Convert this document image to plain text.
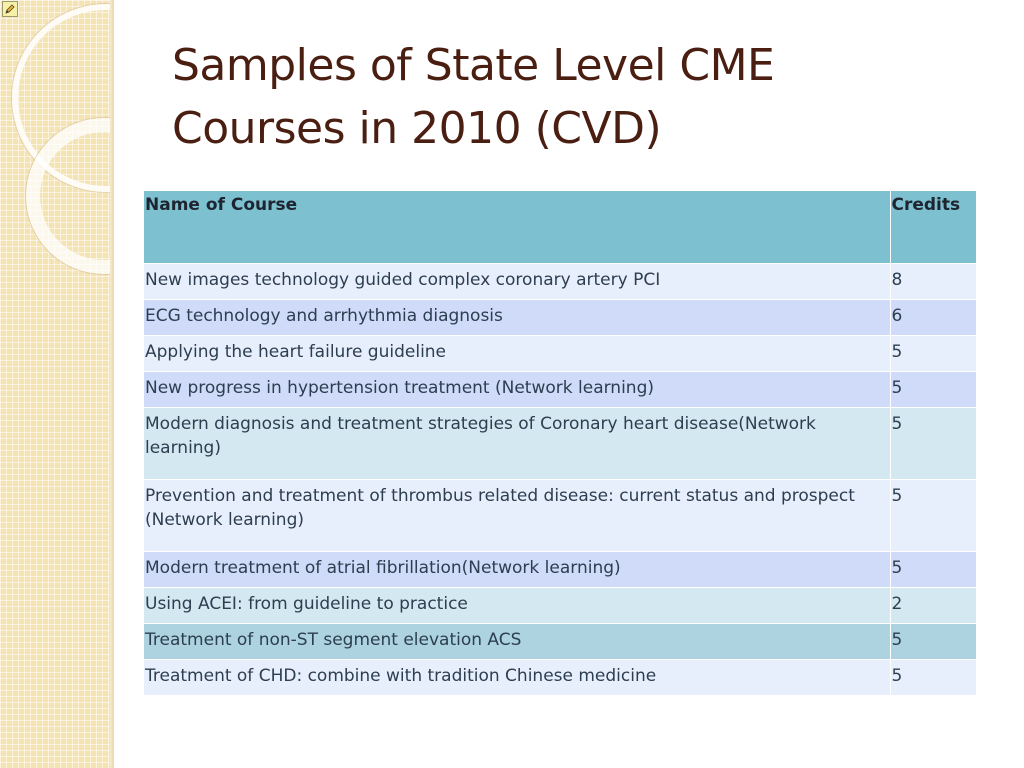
Samples of State Level CME
Courses in 2010 (CVD)
Name of Course	Credits
New images technology guided complex coronary artery PCI	8
ECG technology and arrhythmia diagnosis	6
Applying the heart failure guideline	5
New progress in hypertension treatment (Network learning)	5
Modern diagnosis and treatment strategies of Coronary heart disease(Network learning)	5
Prevention and treatment of thrombus related disease: current status and prospect (Network learning)	5
Modern treatment of atrial fibrillation(Network learning)	5
Using ACEI: from guideline to practice	2
Treatment of non-ST segment elevation ACS	5
Treatment of CHD: combine with tradition Chinese medicine	5
